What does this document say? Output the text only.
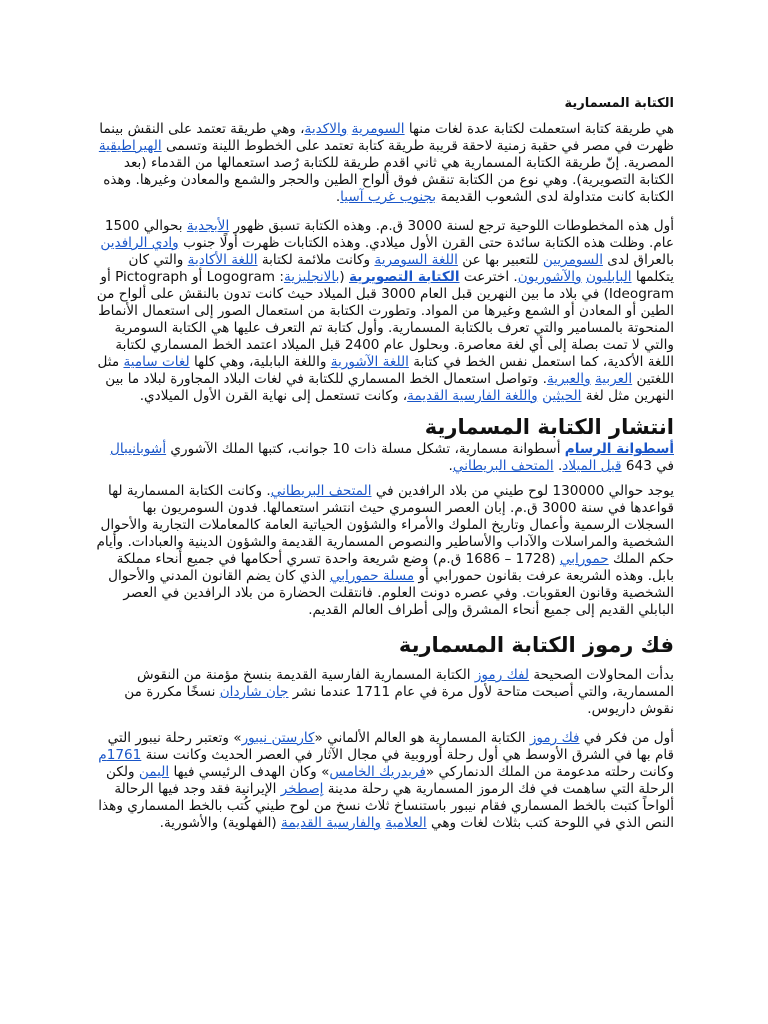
الكتابة المسمارية

هي طريقة كتابة استعملت لكتابة عدة لغات منها السومرية والاكدية، وهي طريقة تعتمد على النقش بينما ظهرت في مصر في حقبة زمنية لاحقة قريبة طريقة كتابة تعتمد على الخطوط اللينة وتسمى الهيراطيقية المصرية. إنّ طريقة الكتابة المسمارية هي ثاني اقدم طريقة للكتابة رُصد استعمالها من القدماء (بعد الكتابة التصويرية). وهي نوع من الكتابة تنقش فوق ألواح الطين والحجر والشمع والمعادن وغيرها. وهذه الكتابة كانت متداولة لدى الشعوب القديمة بجنوب غرب آسيا.

أول هذه المخطوطات اللوحية ترجع لسنة 3000 ق.م. وهذه الكتابة تسبق ظهور الأبجدية بحوالي 1500 عام. وظلت هذه الكتابة سائدة حتى القرن الأول ميلادي. وهذه الكتابات ظهرت أولًا جنوب وادي الرافدين بالعراق لدى السومريين للتعبير بها عن اللغة السومرية وكانت ملائمة لكتابة اللغة الأكادية والتي كان يتكلمها البابليون والآشوريون. اخترعت الكتابة التصويرية (بالانجليزية: Logogram أو Pictograph أو Ideogram) في بلاد ما بين النهرين قبل العام 3000 قبل الميلاد حيث كانت تدون بالنقش على ألواح من الطين أو المعادن أو الشمع وغيرها من المواد. وتطورت الكتابة من استعمال الصور إلى استعمال الأنماط المنحوتة بالمسامير والتي تعرف بالكتابة المسمارية. وأول كتابة تم التعرف عليها هي الكتابة السومرية والتي لا تمت بصلة إلى أي لغة معاصرة. وبحلول عام 2400 قبل الميلاد اعتمد الخط المسماري لكتابة اللغة الأكدية، كما استعمل نفس الخط في كتابة اللغة الآشورية واللغة البابلية، وهي كلها لغات سامية مثل اللغتين العربية والعبرية. وتواصل استعمال الخط المسماري للكتابة في لغات البلاد المجاورة لبلاد ما بين النهرين مثل لغة الحيثين واللغة الفارسية القديمة، وكانت تستعمل إلى نهاية القرن الأول الميلادي.

انتشار الكتابة المسمارية

أسطوانة الرسام أسطوانة مسمارية، تشكل مسلة ذات 10 جوانب، كتبها الملك الآشوري أشوبانيبال في 643 قبل الميلاد. المتحف البريطاني.

يوجد حوالي 130000 لوح طيني من بلاد الرافدين في المتحف البريطاني. وكانت الكتابة المسمارية لها قواعدها في سنة 3000 ق.م. إبان العصر السومري حيث انتشر استعمالها. فدون السومريون بها السجلات الرسمية وأعمال وتاريخ الملوك والأمراء والشؤون الحياتية العامة كالمعاملات التجارية والأحوال الشخصية والمراسلات والآداب والأساطير والنصوص المسمارية القديمة والشؤون الدينية والعبادات. وأيام حكم الملك حمورابي (1728 – 1686 ق.م) وضع شريعة واحدة تسري أحكامها في جميع أنحاء مملكة بابل. وهذه الشريعة عرفت بقانون حمورابي أو مسلة حمورابي الذي كان يضم القانون المدني والأحوال الشخصية وقانون العقوبات. وفي عصره دونت العلوم. فانتقلت الحضارة من بلاد الرافدين في العصر البابلي القديم إلى جميع أنحاء المشرق وإلى أطراف العالم القديم.

فك رموز الكتابة المسمارية

بدأت المحاولات الصحيحة لفك رموز الكتابة المسمارية الفارسية القديمة بنسخ مؤمنة من النقوش المسمارية، والتي أصبحت متاحة لأول مرة في عام 1711 عندما نشر جان شاردان نسخًا مكررة من نقوش داريوس.

أول من فكر في فك رموز الكتابة المسمارية هو العالم الألماني «كارستن نيبور» وتعتبر رحلة نيبور التي قام بها في الشرق الأوسط هي أول رحلة أوروبية في مجال الآثار في العصر الحديث وكانت سنة 1761م وكانت رحلته مدعومة من الملك الدنماركي «فريدريك الخامس» وكان الهدف الرئيسي فيها اليمن ولكن الرحلة التي ساهمت في فك الرموز المسمارية هي رحلة مدينة إصطخر الإيرانية فقد وجد فيها الرحالة ألواحاً كتبت بالخط المسماري فقام نيبور باستنساخ ثلاث نسخ من لوح طيني كُتب بالخط المسماري وهذا النص الذي في اللوحة كتب بثلاث لغات وهي العلامية والفارسية القديمة (الفهلوية) والأشورية.
